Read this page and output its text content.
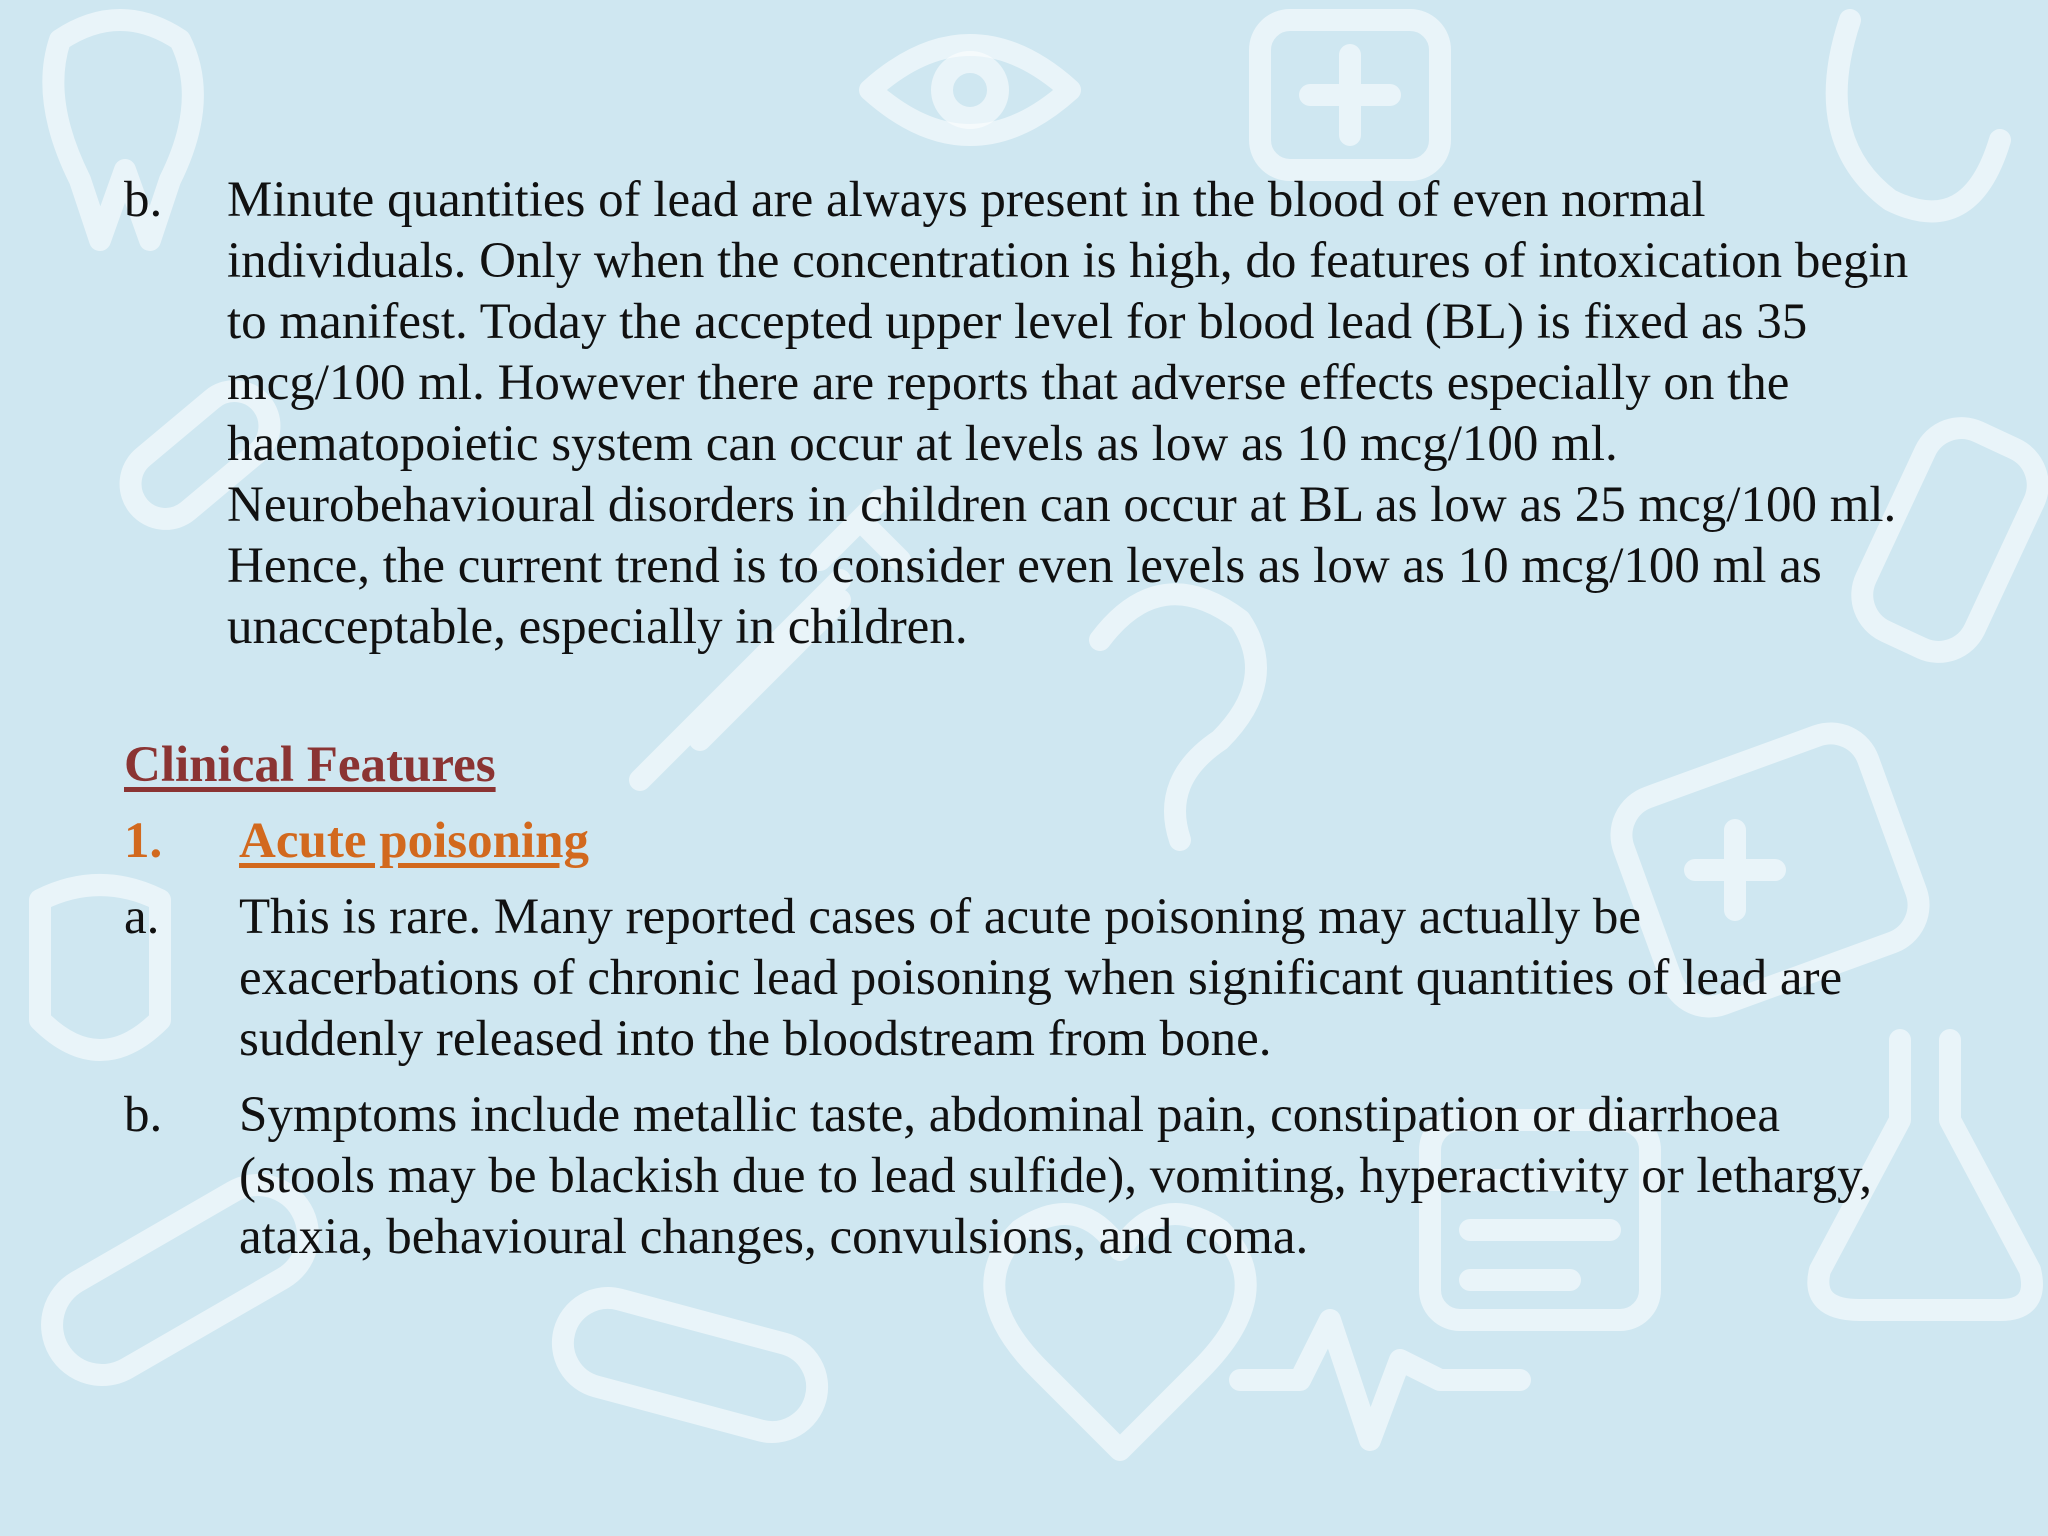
b.	Minute quantities of lead are always present in the blood of even normal individuals. Only when the concentration is high, do features of intoxication begin to manifest. Today the accepted upper level for blood lead (BL) is fixed as 35 mcg/100 ml. However there are reports that adverse effects especially on the haematopoietic system can occur at levels as low as 10 mcg/100 ml. Neurobehavioural disorders in children can occur at BL as low as 25 mcg/100 ml. Hence, the current trend is to consider even levels as low as 10 mcg/100 ml as unacceptable, especially in children.
Clinical Features
1.	Acute poisoning
a.	This is rare. Many reported cases of acute poisoning may actually be exacerbations of chronic lead poisoning when significant quantities of lead are suddenly released into the bloodstream from bone.
b.	Symptoms include metallic taste, abdominal pain, constipation or diarrhoea (stools may be blackish due to lead sulfide), vomiting, hyperactivity or lethargy, ataxia, behavioural changes, convulsions, and coma.
